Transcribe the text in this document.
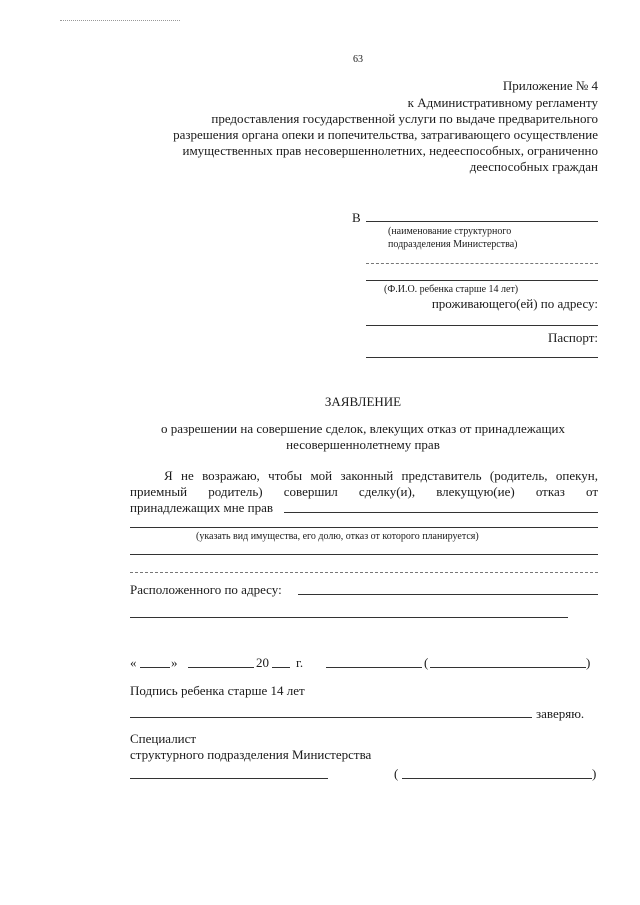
63
Приложение № 4
к Административному регламенту
предоставления государственной услуги по выдаче предварительного
разрешения органа опеки и попечительства, затрагивающего осуществление
имущественных прав несовершеннолетних, недееспособных, ограниченно
дееспособных граждан
В
(наименование структурного
подразделения Министерства)
(Ф.И.О. ребенка старше 14 лет)
проживающего(ей) по адресу:
Паспорт:
ЗАЯВЛЕНИЕ
о разрешении на совершение сделок, влекущих отказ от принадлежащих
несовершеннолетнему прав
Я не возражаю, чтобы мой законный представитель (родитель, опекун,
приемный родитель) совершил сделку(и), влекущую(ие) отказ от
принадлежащих мне прав
(указать вид имущества, его долю, отказ от которого планируется)
Расположенного по адресу:
«	»	20 г.	(	)
Подпись ребенка старше 14 лет
заверяю.
Специалист
структурного подразделения Министерства
(	)
